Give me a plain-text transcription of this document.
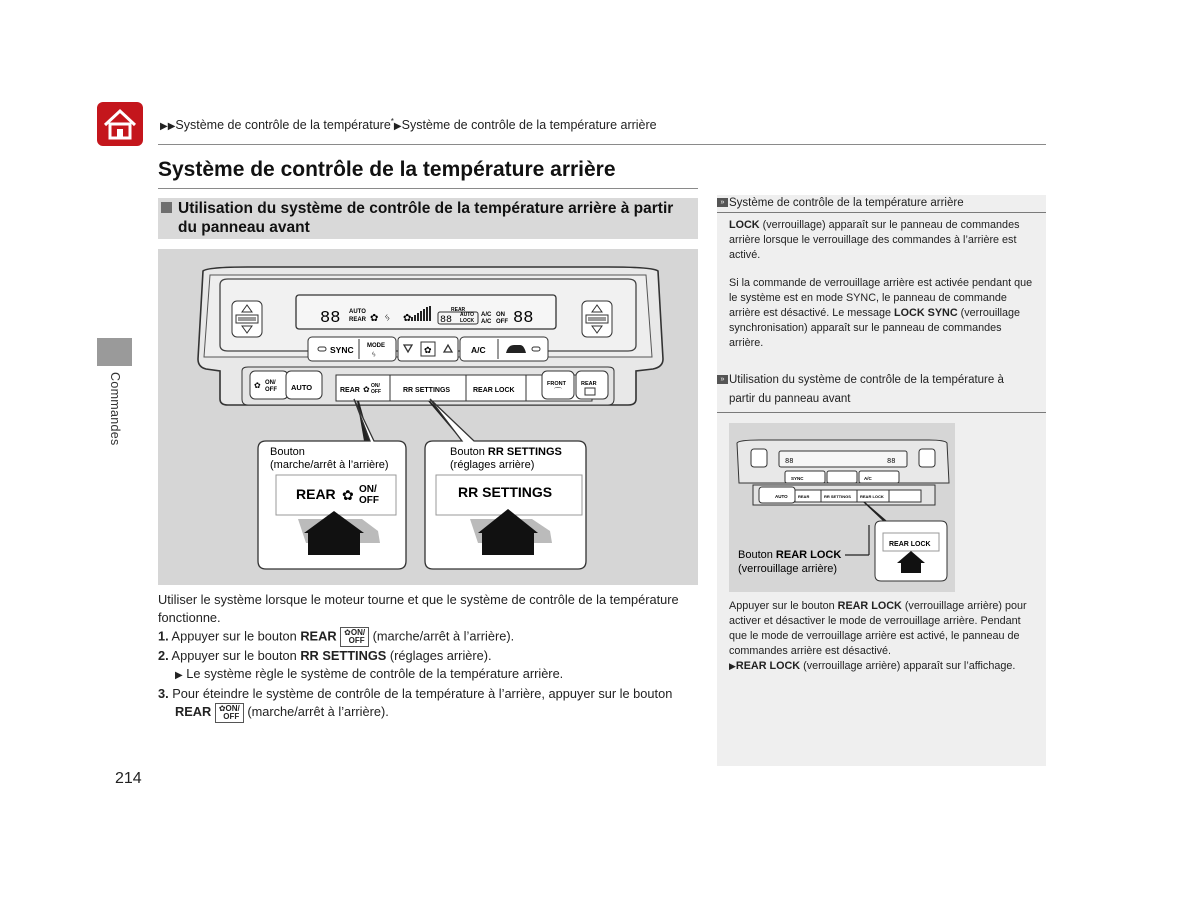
▶▶Système de contrôle de la température*▶Système de contrôle de la température arrière
Système de contrôle de la température arrière
Commandes
Utilisation du système de contrôle de la température arrière à partir du panneau avant
88 AUTO
REAR ✿ ᛃ ✿
REAR
88 AUTO
LOCK
A/C
A/C
ON
OFF 88
SYNC MODE
ᛃ	✿	A/C
✿ ON/
OFF AUTO	REAR ✿ ON/
OFF	RR SETTINGS	REAR LOCK
FRONT
⌒
REAR
Bouton
(marche/arrêt à l’arrière)
REAR ✿ ON/
OFF
Bouton RR SETTINGS
(réglages arrière)
RR SETTINGS

Utiliser le système lorsque le moteur tourne et que le système de contrôle de la température fonctionne.

1. Appuyer sur le bouton REAR ✿ON/
OFF (marche/arrêt à l’arrière).

2. Appuyer sur le bouton RR SETTINGS (réglages arrière).

▶ Le système règle le système de contrôle de la température arrière.

3. Pour éteindre le système de contrôle de la température à l’arrière, appuyer sur le bouton
REAR ✿ON/
OFF (marche/arrêt à l’arrière).

214
» Système de contrôle de la température arrière

LOCK (verrouillage) apparaît sur le panneau de commandes arrière lorsque le verrouillage des commandes à l’arrière est activé.

Si la commande de verrouillage arrière est activée pendant que le système est en mode SYNC, le panneau de commande arrière est désactivé. Le message LOCK SYNC (verrouillage synchronisation) apparaît sur le panneau de commandes arrière.

» Utilisation du système de contrôle de la température à
partir du panneau avant
88	88
SYNC	A/C
AUTO	REAR	RR SETTINGS REAR LOCK
REAR LOCK
Bouton REAR LOCK
(verrouillage arrière)

Appuyer sur le bouton REAR LOCK (verrouillage arrière) pour activer et désactiver le mode de verrouillage arrière. Pendant que le mode de verrouillage arrière est activé, le panneau de commandes arrière est désactivé.

▶REAR LOCK (verrouillage arrière) apparaît sur l’affichage.
